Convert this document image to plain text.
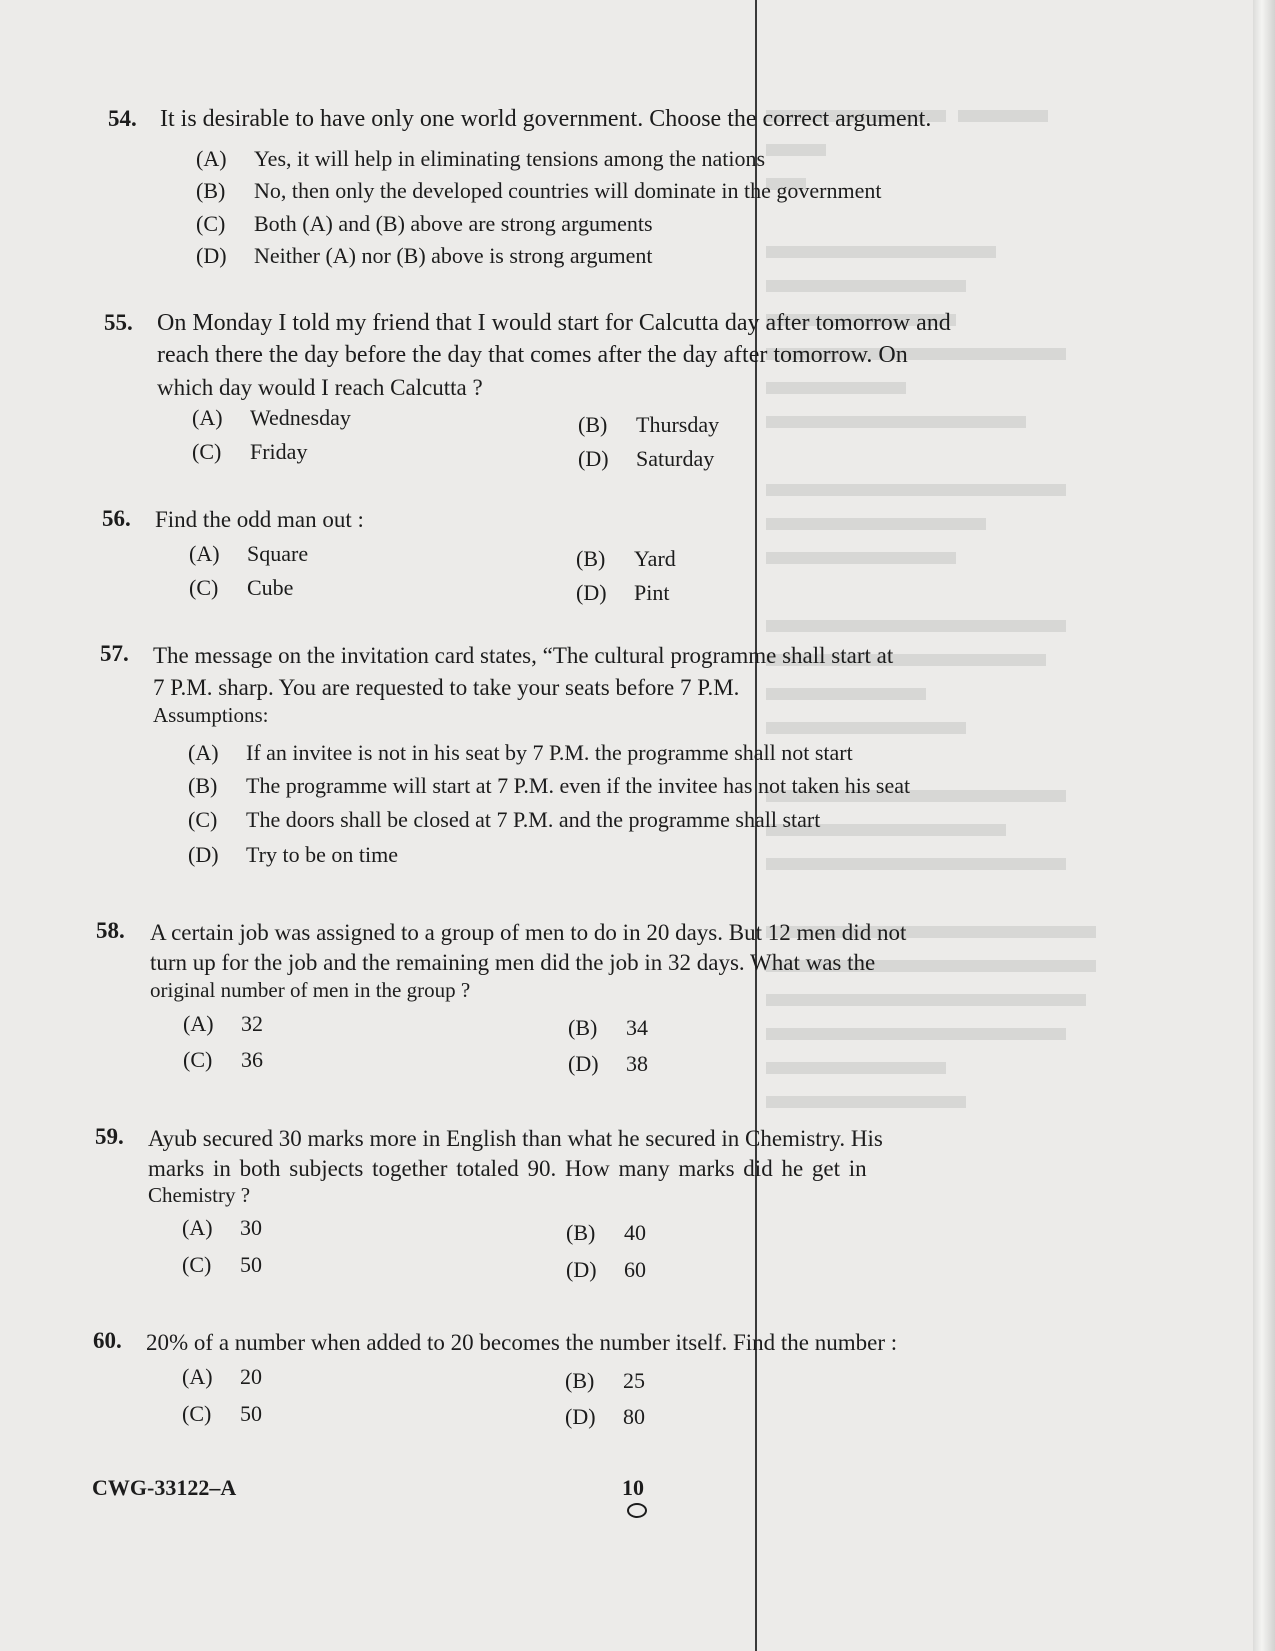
54. It is desirable to have only one world government. Choose the correct argument.
(A) Yes, it will help in eliminating tensions among the nations
(B) No, then only the developed countries will dominate in the government
(C) Both (A) and (B) above are strong arguments
(D) Neither (A) nor (B) above is strong argument
55. On Monday I told my friend that I would start for Calcutta day after tomorrow and
reach there the day before the day that comes after the day after tomorrow. On
which day would I reach Calcutta ?
(A) Wednesday	(B) Thursday
(C) Friday	(D) Saturday
56. Find the odd man out :
(A) Square	(B) Yard
(C) Cube	(D) Pint
57. The message on the invitation card states, “The cultural programme shall start at
7 P.M. sharp. You are requested to take your seats before 7 P.M.
Assumptions:
(A) If an invitee is not in his seat by 7 P.M. the programme shall not start
(B) The programme will start at 7 P.M. even if the invitee has not taken his seat
(C) The doors shall be closed at 7 P.M. and the programme shall start
(D) Try to be on time
58. A certain job was assigned to a group of men to do in 20 days. But 12 men did not
turn up for the job and the remaining men did the job in 32 days. What was the
original number of men in the group ?
(A) 32	(B) 34
(C) 36	(D) 38
59. Ayub secured 30 marks more in English than what he secured in Chemistry. His
marks in both subjects together totaled 90. How many marks did he get in
Chemistry ?
(A) 30	(B) 40
(C) 50	(D) 60
60. 20% of a number when added to 20 becomes the number itself. Find the number :
(A) 20	(B) 25
(C) 50	(D) 80
CWG-33122–A	10
